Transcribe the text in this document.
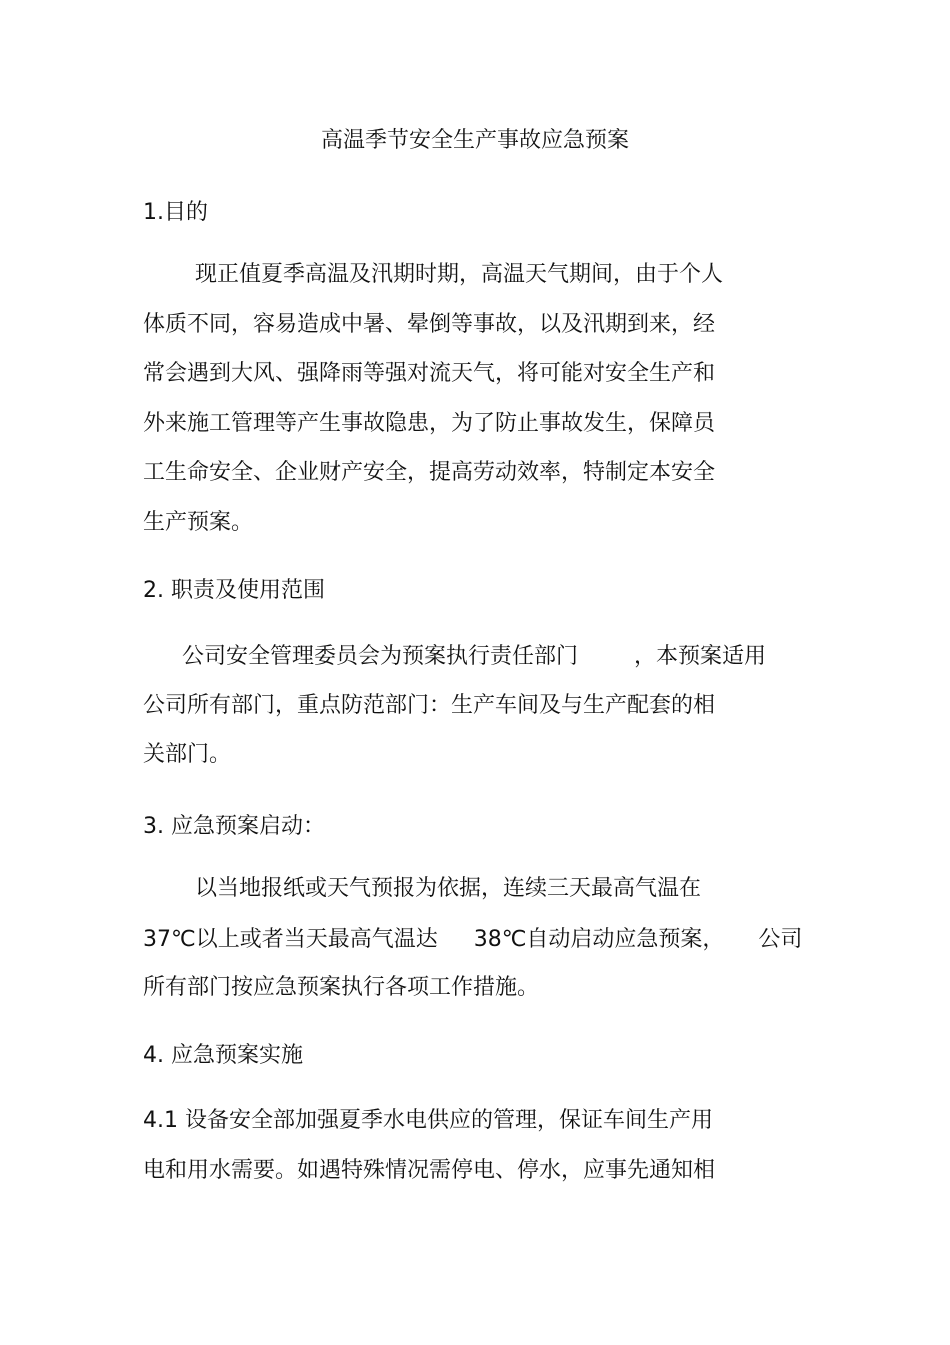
高温季节安全生产事故应急预案
1.目的
现正值夏季高温及汛期时期，高温天气期间，由于个人
体质不同，容易造成中暑、晕倒等事故，以及汛期到来，经
常会遇到大风、强降雨等强对流天气，将可能对安全生产和
外来施工管理等产生事故隐患，为了防止事故发生，保障员
工生命安全、企业财产安全，提高劳动效率，特制定本安全
生产预案。
2. 职责及使用范围
公司安全管理委员会为预案执行责任部门	，本预案适用
公司所有部门，重点防范部门：生产车间及与生产配套的相
关部门。
3. 应急预案启动：
以当地报纸或天气预报为依据，连续三天最高气温在
37℃以上或者当天最高气温达 38℃自动启动应急预案， 公司
所有部门按应急预案执行各项工作措施。
4. 应急预案实施
4.1 设备安全部加强夏季水电供应的管理，保证车间生产用
电和用水需要。如遇特殊情况需停电、停水，应事先通知相
